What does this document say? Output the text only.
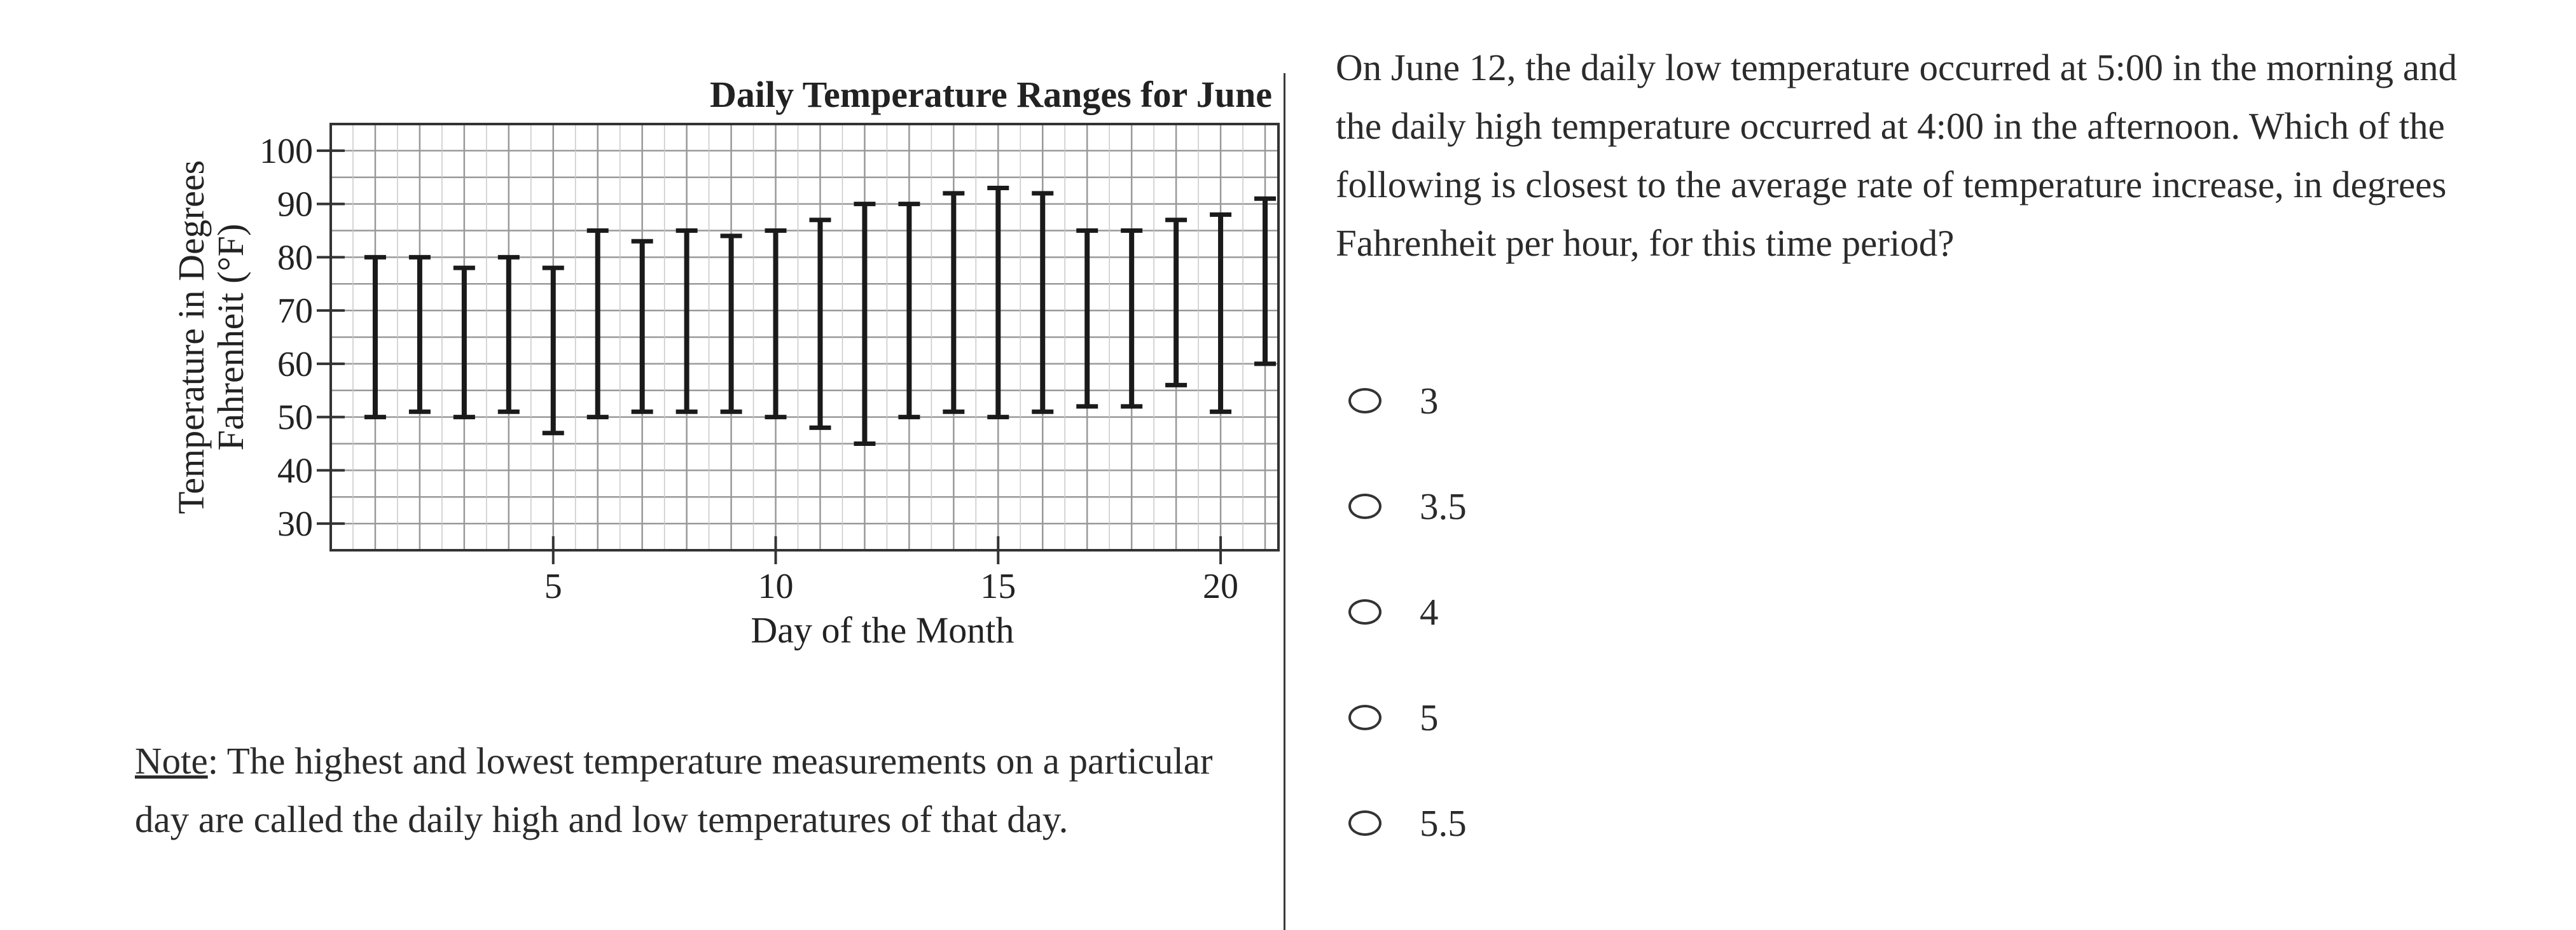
30
40
50
60
70
80
90
100
5	10	15	20
Daily Temperature Ranges for June
Day of the Month
Temperature in Degrees
Fahrenheit (°F)
Note: The highest and lowest temperature measurements on a particular day are called the daily high and low temperatures of that day.
On June 12, the daily low temperature occurred at 5:00 in the morning and the daily high temperature occurred at 4:00 in the afternoon. Which of the following is closest to the average rate of temperature increase, in degrees Fahrenheit per hour, for this time period?
3
3.5
4
5
5.5
